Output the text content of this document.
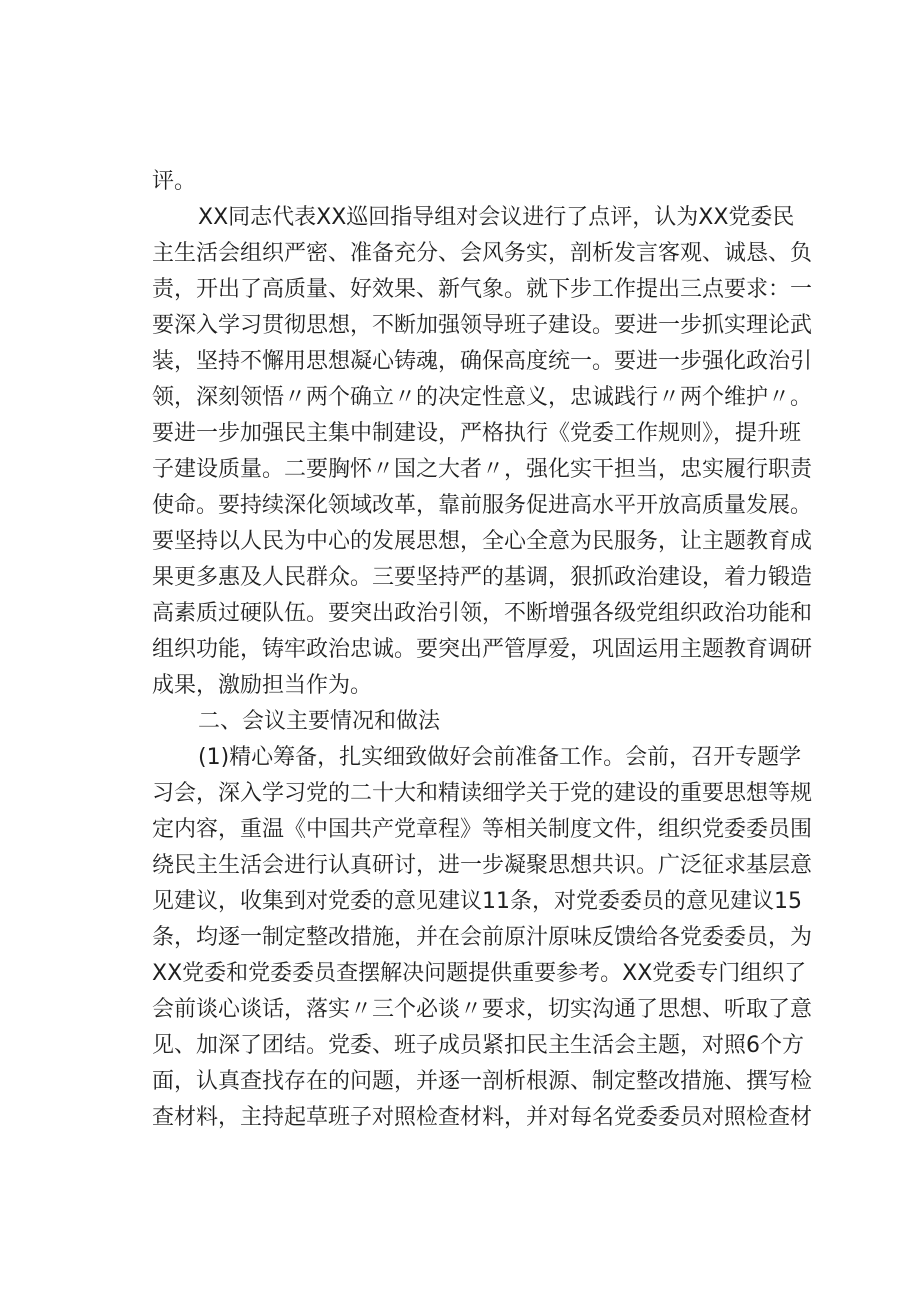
评。
XX同志代表XX巡回指导组对会议进行了点评，认为XX党委民
主生活会组织严密、准备充分、会风务实，剖析发言客观、诚恳、负
责，开出了高质量、好效果、新气象。就下步工作提出三点要求：一
要深入学习贯彻思想，不断加强领导班子建设。要进一步抓实理论武
装，坚持不懈用思想凝心铸魂，确保高度统一。要进一步强化政治引
领，深刻领悟〃两个确立〃的决定性意义，忠诚践行〃两个维护〃。
要进一步加强民主集中制建设，严格执行《党委工作规则》，提升班
子建设质量。二要胸怀〃国之大者〃，强化实干担当，忠实履行职责
使命。要持续深化领域改革，靠前服务促进高水平开放高质量发展。
要坚持以人民为中心的发展思想，全心全意为民服务，让主题教育成
果更多惠及人民群众。三要坚持严的基调，狠抓政治建设，着力锻造
高素质过硬队伍。要突出政治引领，不断增强各级党组织政治功能和
组织功能，铸牢政治忠诚。要突出严管厚爱，巩固运用主题教育调研
成果，激励担当作为。
二、会议主要情况和做法
(1)精心筹备，扎实细致做好会前准备工作。会前，召开专题学
习会，深入学习党的二十大和精读细学关于党的建设的重要思想等规
定内容，重温《中国共产党章程》等相关制度文件，组织党委委员围
绕民主生活会进行认真研讨，进一步凝聚思想共识。广泛征求基层意
见建议，收集到对党委的意见建议11条，对党委委员的意见建议15
条，均逐一制定整改措施，并在会前原汁原味反馈给各党委委员，为
XX党委和党委委员查摆解决问题提供重要参考。XX党委专门组织了
会前谈心谈话，落实〃三个必谈〃要求，切实沟通了思想、听取了意
见、加深了团结。党委、班子成员紧扣民主生活会主题，对照6个方
面，认真查找存在的问题，并逐一剖析根源、制定整改措施、撰写检
查材料，主持起草班子对照检查材料，并对每名党委委员对照检查材
